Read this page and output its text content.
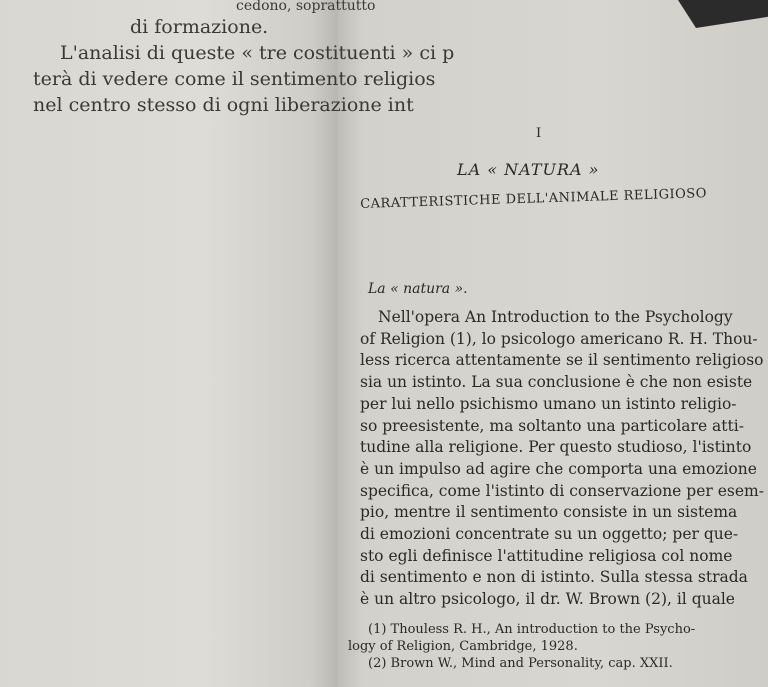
cedono, soprattutto
di formazione.
L'analisi di queste « tre costituenti » ci p
terà di vedere come il sentimento religios
nel centro stesso di ogni liberazione int
I
LA « NATURA »
CARATTERISTICHE DELL'ANIMALE RELIGIOSO
La « natura ».
Nell'opera An Introduction to the Psychology
of Religion (1), lo psicologo americano R. H. Thou-
less ricerca attentamente se il sentimento religioso
sia un istinto. La sua conclusione è che non esiste
per lui nello psichismo umano un istinto religio-
so preesistente, ma soltanto una particolare atti-
tudine alla religione. Per questo studioso, l'istinto
è un impulso ad agire che comporta una emozione
specifica, come l'istinto di conservazione per esem-
pio, mentre il sentimento consiste in un sistema
di emozioni concentrate su un oggetto; per que-
sto egli definisce l'attitudine religiosa col nome
di sentimento e non di istinto. Sulla stessa strada
è un altro psicologo, il dr. W. Brown (2), il quale
(1) Thouless R. H., An introduction to the Psycho-
logy of Religion, Cambridge, 1928.
(2) Brown W., Mind and Personality, cap. XXII.
